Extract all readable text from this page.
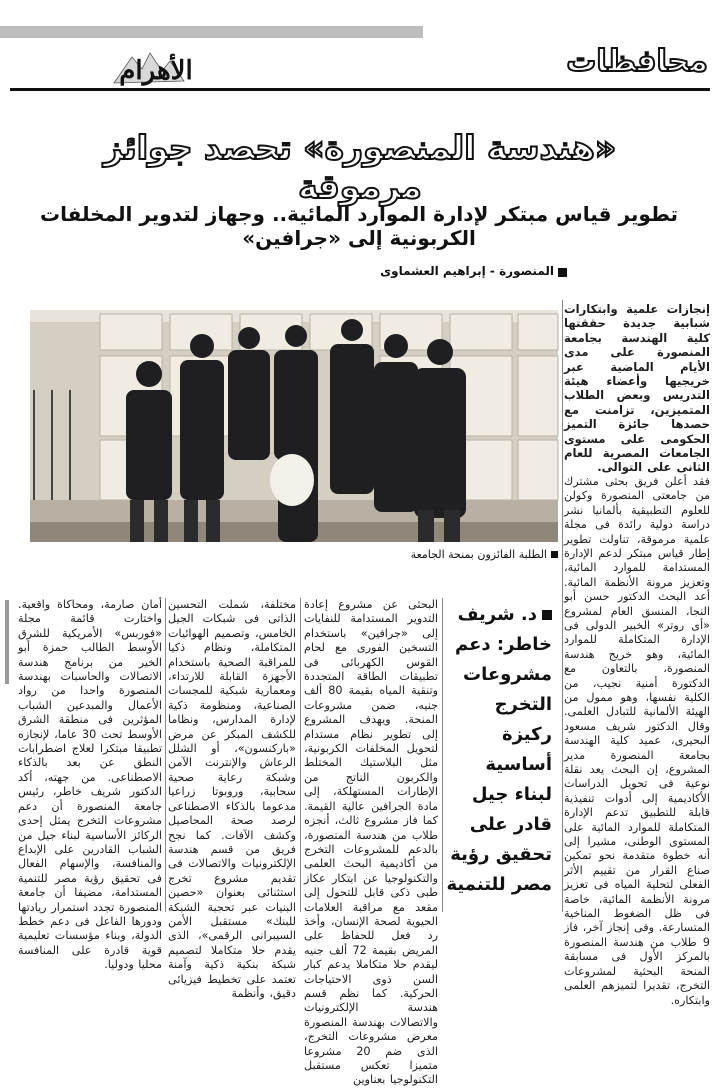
محافظات
الأهرام
«هندسة المنصورة» تحصد جوائز مرموقة
تطوير قياس مبتكر لإدارة الموارد المائية.. وجهاز لتدوير المخلفات الكربونية إلى «جرافين»
المنصورة - إبراهيم العشماوى
الطلبة الفائزون بمنحة الجامعة

إنجازات علمية وابتكارات شبابية جديدة حققتها كلية الهندسة بجامعة المنصورة على مدى الأيام الماضية عبر خريجيها وأعضاء هيئة التدريس وبعض الطلاب المتميزين، تزامنت مع حصدها جائزة التميز الحكومى على مستوى الجامعات المصرية للعام الثانى على التوالى.

فقد أعلن فريق بحثى مشترك من جامعتى المنصورة وكولن للعلوم التطبيقية بألمانيا نشر دراسة دولية رائدة فى مجلة علمية مرموقة، تناولت تطوير إطار قياس مبتكر لدعم الإدارة المستدامة للموارد المائية، وتعزيز مرونة الأنظمة المائية. أعد البحث الدكتور حسن أبو النجا، المنسق العام لمشروع «أى روتر» الخبير الدولى فى الإدارة المتكاملة للموارد المائية، وهو خريج هندسة المنصورة، بالتعاون مع الدكتورة أمنية نجيب، من الكلية نفسها، وهو ممول من الهيئة الألمانية للتبادل العلمى. وقال الدكتور شريف مسعود البحيرى، عميد كلية الهندسة بجامعة المنصورة مدير المشروع، إن البحث يعد نقلة نوعية فى تحويل الدراسات الأكاديمية إلى أدوات تنفيذية قابلة للتطبيق تدعم الإدارة المتكاملة للموارد المائية على المستوى الوطنى، مشيرا إلى أنه خطوة متقدمة نحو تمكين صناع القرار من تقييم الأثر الفعلى لتحلية المياه فى تعزيز مرونة الأنظمة المائية، خاصة فى ظل الضغوط المناخية المتسارعة. وفى إنجاز آخر، فاز 9 طلاب من هندسة المنصورة بالمركز الأول فى مسابقة المنحة البحثية لمشروعات التخرج، تقديرا لتميزهم العلمى وابتكاره.

د. شريف خاطر: دعم مشروعات التخرج ركيزة أساسية لبناء جيل قادر على تحقيق رؤية مصر للتنمية
البحثى عن مشروع إعادة التدوير المستدامة للنفايات إلى «جرافين» باستخدام التسخين الفورى مع لحام القوس الكهربائى فى تطبيقات الطاقة المتجددة وتنقية المياه بقيمة 80 ألف جنيه، ضمن مشروعات المنحة. ويهدف المشروع إلى تطوير نظام مستدام لتحويل المخلفات الكربونية، مثل البلاستيك المختلط والكربون الناتج من الإطارات المستهلكة، إلى مادة الجرافين عالية القيمة. كما فاز مشروع ثالث، أنجزه طلاب من هندسة المنصورة، بالدعم للمشروعات التخرج من أكاديمية البحث العلمى والتكنولوجيا عن ابتكار عكاز طبى ذكى قابل للتحول إلى مقعد مع مراقبة العلامات الحيوية لصحة الإنسان، وأخذ رد فعل للحفاظ على المريض بقيمة 72 ألف جنيه ليقدم حلا متكاملا يدعم كبار السن ذوى الاحتياجات الحركية. كما نظم قسم هندسة الإلكترونيات والاتصالات بهندسة المنصورة معرض مشروعات التخرج، الذى ضم 20 مشروعا متميزا تعكس مستقبل التكنولوجيا بعناوين
مختلفة، شملت التحسين الذاتى فى شبكات الجيل الخامس، وتصميم الهوائيات المتكاملة، ونظام ذكيا للمراقبة الصحية باستخدام الأجهزة القابلة للارتداء، ومعمارية شبكية للمجسات الصناعية، ومنظومة ذكية لإدارة المدارس، ونظاما للكشف المبكر عن مرض «باركنسون»، أو الشلل الرعاش والإنترنت الآمن وشبكة رعاية صحية سحابية، وروبوتا زراعيا مدعوما بالذكاء الاصطناعى لرصد صحة المحاصيل وكشف الآفات. كما نجح فريق من قسم هندسة الإلكترونيات والاتصالات فى تقديم مشروع تخرج استثنائى بعنوان «حصين البنيات عبر تحجبة الشبكة للبنك» مستقبل الأمن السيبرانى الرقمى»، الذى يقدم حلا متكاملا لتصميم شبكة بنكية ذكية وآمنة تعتمد على تخطيط فيزيائى دقيق، وأنظمة
أمان صارمة، ومحاكاة واقعية. واختارت قائمة مجلة «فوربس» الأمريكية للشرق الأوسط الطالب حمزة أبو الخير من برنامج هندسة الاتصالات والحاسبات بهندسة المنصورة واحدا من رواد الأعمال والمبدعين الشباب المؤثرين فى منطقة الشرق الأوسط تحت 30 عاما، لإنجازه تطبيقا مبتكرا لعلاج اضطرابات النطق عن بعد بالذكاء الاصطناعى. من جهته، أكد الدكتور شريف خاطر، رئيس جامعة المنصورة أن دعم مشروعات التخرج يمثل إحدى الركائز الأساسية لبناء جيل من الشباب القادرين على الإبداع والمنافسة، والإسهام الفعال فى تحقيق رؤية مصر للتنمية المستدامة، مضيفا أن جامعة المنصورة تجدد استمرار ريادتها ودورها الفاعل فى دعم خطط الدولة، وبناء مؤسسات تعليمية قوية قادرة على المنافسة محليا ودوليا.
